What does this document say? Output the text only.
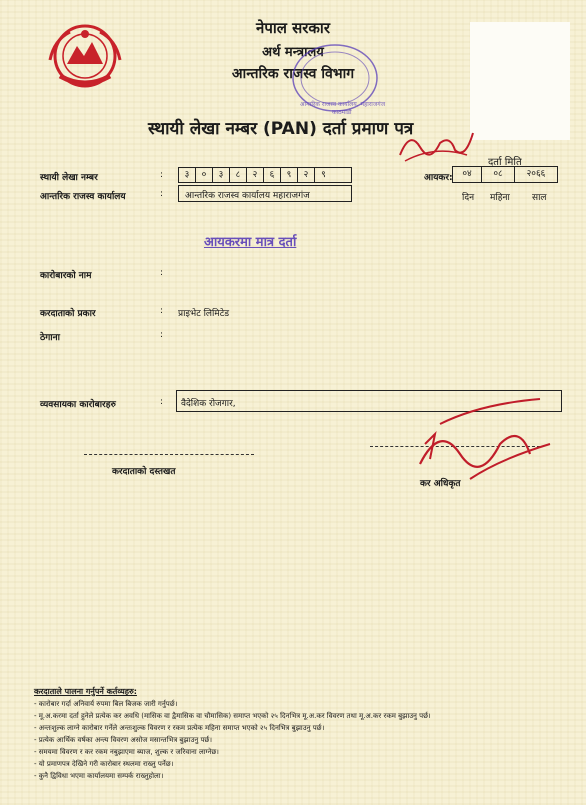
नेपाल सरकार
अर्थ मन्त्रालय
आन्तरिक राजस्व विभाग
आन्तरिक राजस्व कार्यालय, महाराजगंज
काठमाडौं
स्थायी लेखा नम्बर (PAN) दर्ता प्रमाण पत्र
स्थायी लेखा नम्बर	:	३	०	३	८	२	६	९	२	९
आन्तरिक राजस्व कार्यालय	: आन्तरिक राजस्व कार्यालय महाराजगंज
दर्ता मिति
आयकर:	०४	०८	२०६६
दिन महिना साल
आयकरमा मात्र दर्ता
कारोबारको नाम	:
करदाताको प्रकार	: प्राइभेट लिमिटेड
ठेगाना	:
व्यवसायका कारोबारहरु	: वैदेशिक रोजगार,
करदाताको दस्तखत
कर अधिकृत
करदाताले पालना गर्नुपर्ने कर्तव्यहरु:
- कारोबार गर्दा अनिवार्य रुपमा बिल बिजक जारी गर्नुपर्छ।
- मू.अ.करमा दर्ता हुनेले प्रत्येक कर अवधि (मासिक वा द्वैमासिक वा चौमासिक) समाप्त भएको २५ दिनभित्र मू.अ.कर विवरण तथा मू.अ.कर रकम बुझाउनु पर्छ।
- अन्तःशुल्क लाग्ने कारोबार गर्नेले अन्तःशुल्क विवरण र रकम प्रत्येक महिना समाप्त भएको २५ दिनभित्र बुझाउनु पर्छ।
- प्रत्येक आर्थिक वर्षका अन्त्य विवरण असोज मसान्तभित्र बुझाउनु पर्छ।
- समयमा विवरण र कर रकम नबुझाएमा ब्याज, शुल्क र जरिवाना लाग्नेछ।
- यो प्रमाणपत्र देखिने गरी कारोबार स्थलमा राख्नु पर्नेछ।
- कुनै द्विविधा भएमा कार्यालयमा सम्पर्क राख्नुहोला।
